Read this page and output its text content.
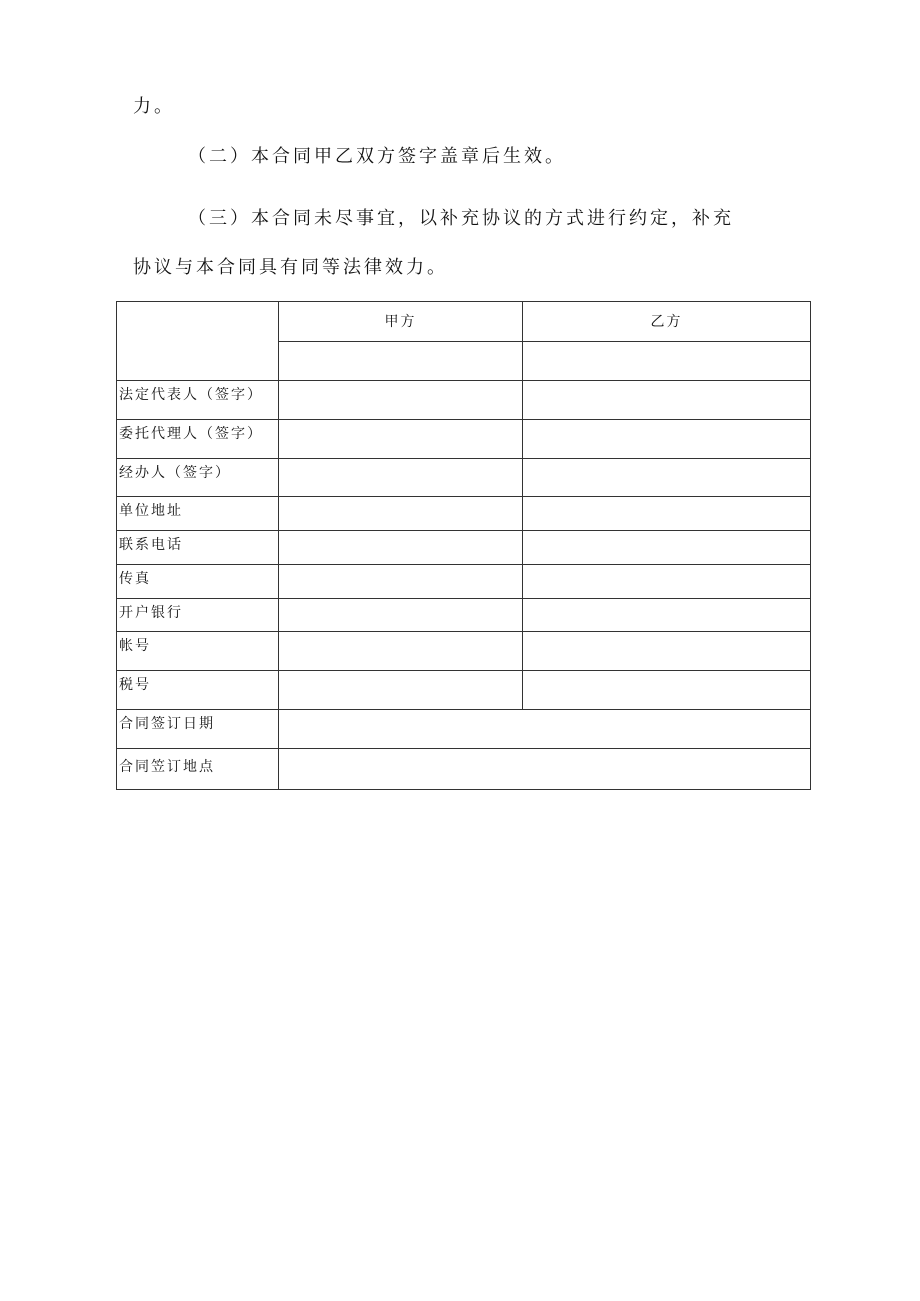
力。
（二）本合同甲乙双方签字盖章后生效。
（三）本合同未尽事宜，以补充协议的方式进行约定，补充
协议与本合同具有同等法律效力。
	甲方	乙方

法定代表人（签字）		
委托代理人（签字）		
经办人（签字）		
单位地址		
联系电话		
传真		
开户银行		
帐号		
税号		
合同签订日期		
合同笠订地点		
